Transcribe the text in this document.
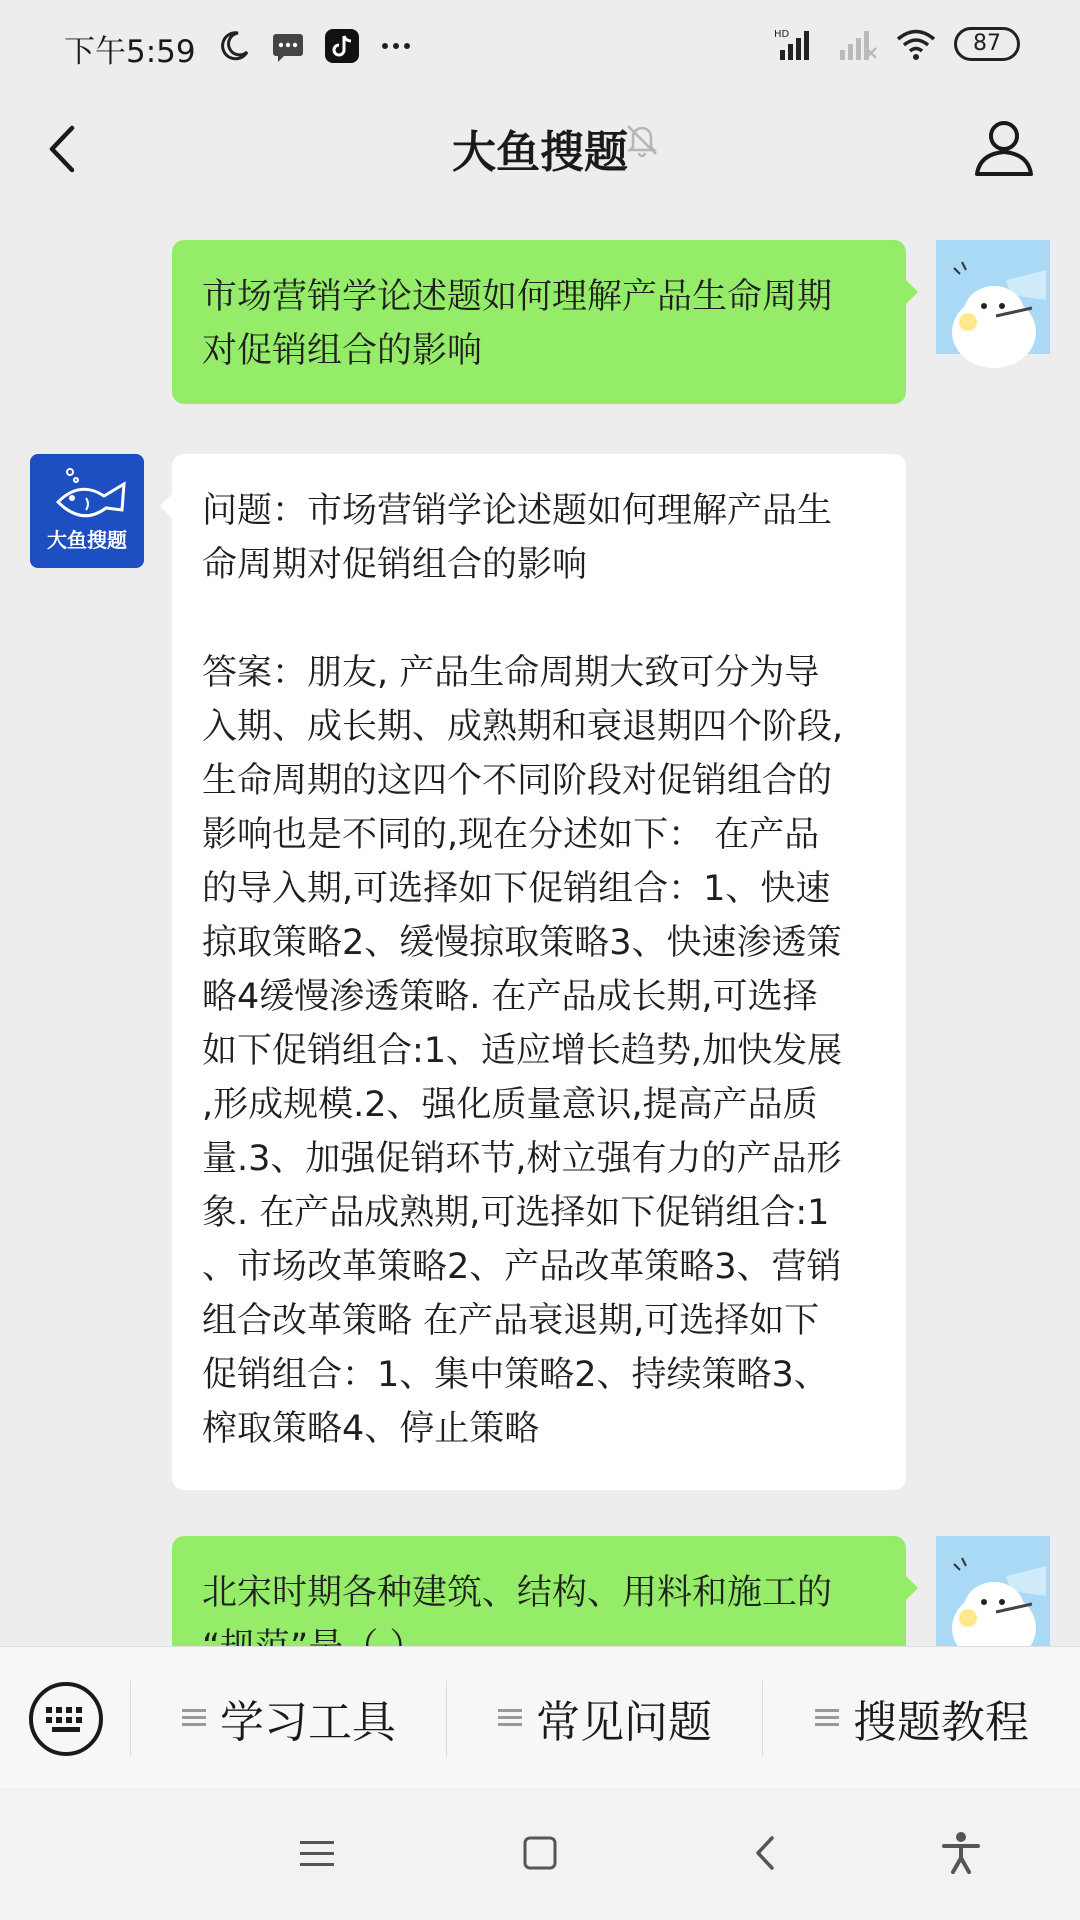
下午5:59	HD	87
大鱼搜题
市场营销学论述题如何理解产品生命周期
对促销组合的影响
大鱼搜题
问题：市场营销学论述题如何理解产品生
命周期对促销组合的影响
答案：朋友, 产品生命周期大致可分为导
入期、成长期、成熟期和衰退期四个阶段,
生命周期的这四个不同阶段对促销组合的
影响也是不同的,现在分述如下： 在产品
的导入期,可选择如下促销组合：1、快速
掠取策略2、缓慢掠取策略3、快速渗透策
略4缓慢渗透策略. 在产品成长期,可选择
如下促销组合:1、适应增长趋势,加快发展
,形成规模.2、强化质量意识,提高产品质
量.3、加强促销环节,树立强有力的产品形
象. 在产品成熟期,可选择如下促销组合:1
、市场改革策略2、产品改革策略3、营销
组合改革策略 在产品衰退期,可选择如下
促销组合：1、集中策略2、持续策略3、
榨取策略4、停止策略
北宋时期各种建筑、结构、用料和施工的
学习工具	常见问题	搜题教程
